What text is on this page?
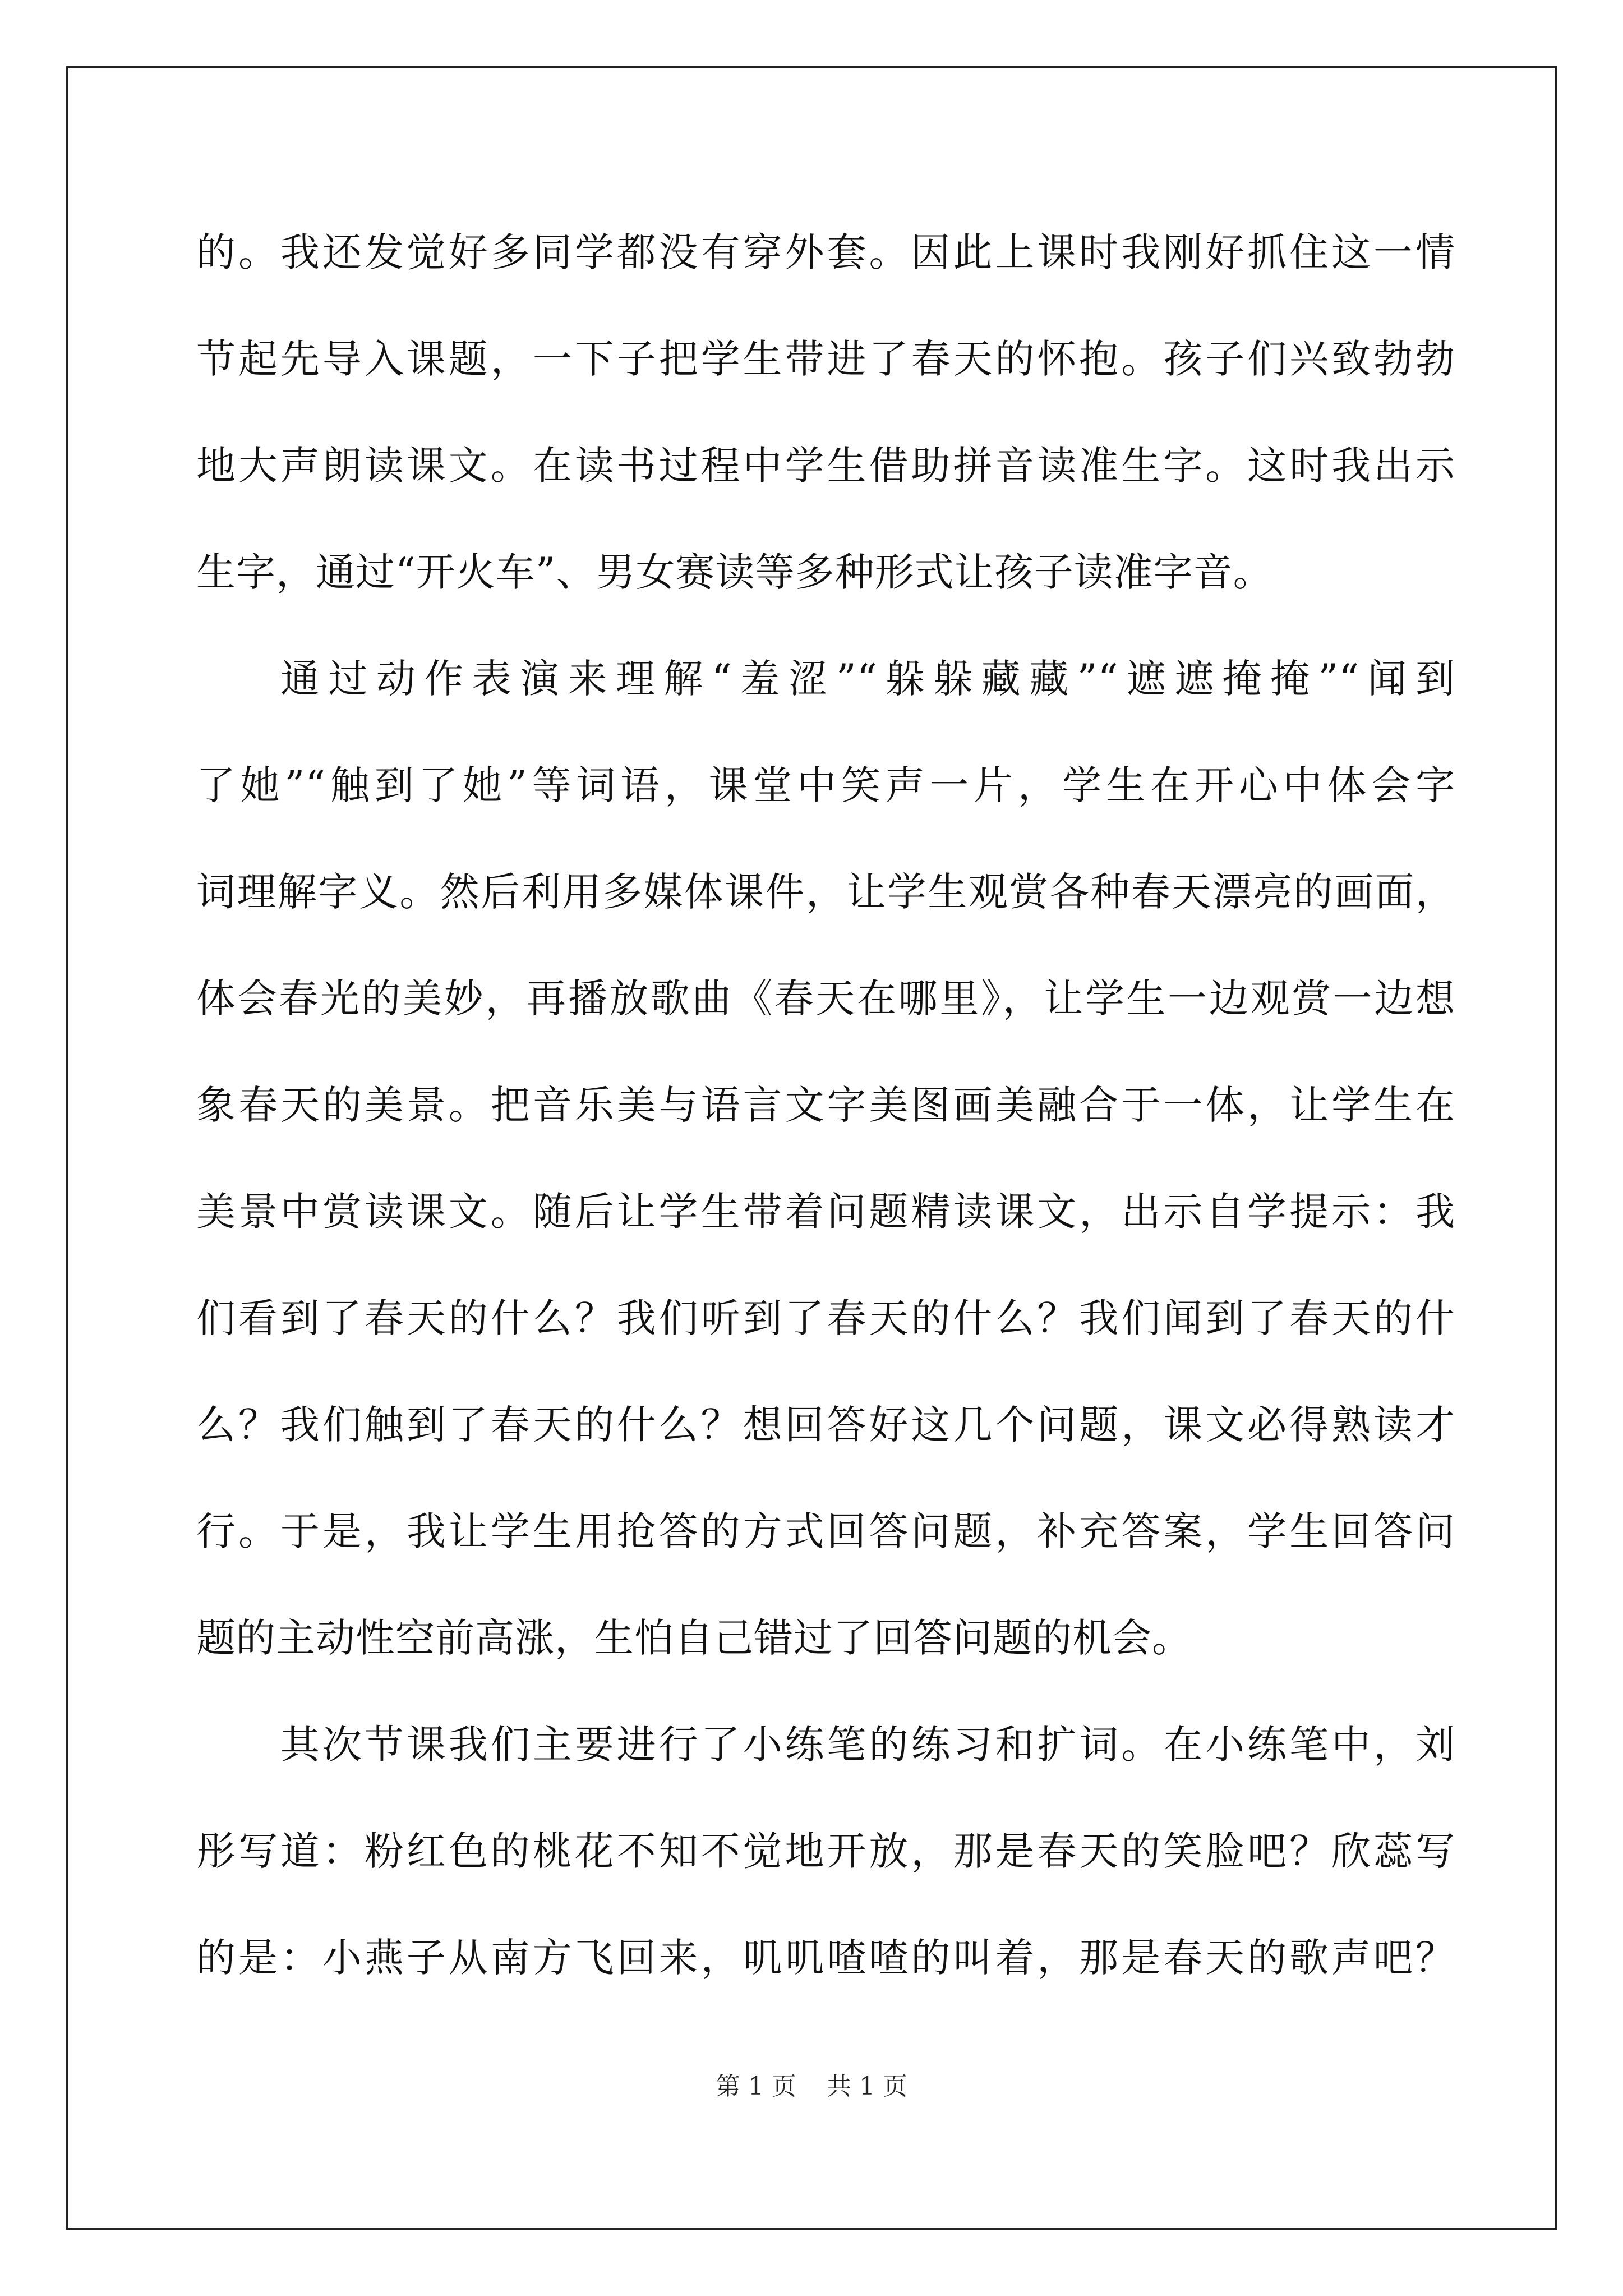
的。我还发觉好多同学都没有穿外套。因此上课时我刚好抓住这一情
节起先导入课题，一下子把学生带进了春天的怀抱。孩子们兴致勃勃
地大声朗读课文。在读书过程中学生借助拼音读准生字。这时我出示
生字，通过“开火车”、男女赛读等多种形式让孩子读准字音。
通过动作表演来理解“羞涩”“躲躲藏藏”“遮遮掩掩”“闻到
了她”“触到了她”等词语，课堂中笑声一片，学生在开心中体会字
词理解字义。然后利用多媒体课件，让学生观赏各种春天漂亮的画面，
体会春光的美妙，再播放歌曲《春天在哪里》，让学生一边观赏一边想
象春天的美景。把音乐美与语言文字美图画美融合于一体，让学生在
美景中赏读课文。随后让学生带着问题精读课文，出示自学提示：我
们看到了春天的什么？我们听到了春天的什么？我们闻到了春天的什
么？我们触到了春天的什么？想回答好这几个问题，课文必得熟读才
行。于是，我让学生用抢答的方式回答问题，补充答案，学生回答问
题的主动性空前高涨，生怕自己错过了回答问题的机会。
其次节课我们主要进行了小练笔的练习和扩词。在小练笔中，刘
彤写道：粉红色的桃花不知不觉地开放，那是春天的笑脸吧？欣蕊写
的是：小燕子从南方飞回来，叽叽喳喳的叫着，那是春天的歌声吧？
第 1 页 共 1 页
